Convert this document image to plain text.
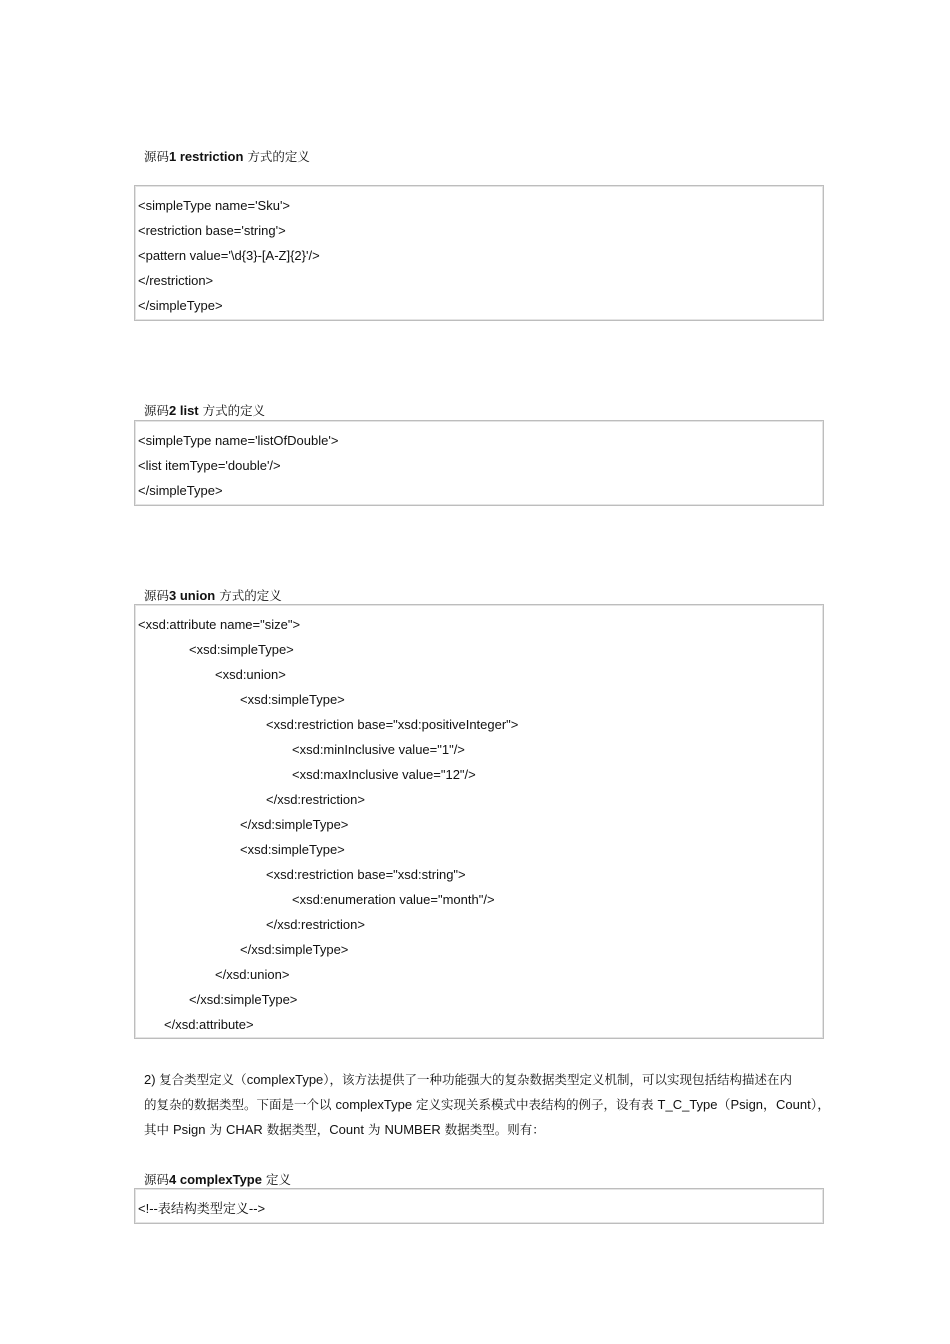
源码1 restriction 方式的定义
<simpleType name='Sku'>
<restriction base='string'>
<pattern value='\d{3}-[A-Z]{2}'/>
</restriction>
</simpleType>
源码2 list 方式的定义
<simpleType name='listOfDouble'>
<list itemType='double'/>
</simpleType>
源码3 union 方式的定义
<xsd:attribute name="size">
<xsd:simpleType>
<xsd:union>
<xsd:simpleType>
<xsd:restriction base="xsd:positiveInteger">
<xsd:minInclusive value="1"/>
<xsd:maxInclusive value="12"/>
</xsd:restriction>
</xsd:simpleType>
<xsd:simpleType>
<xsd:restriction base="xsd:string">
<xsd:enumeration value="month"/>
</xsd:restriction>
</xsd:simpleType>
</xsd:union>
</xsd:simpleType>
</xsd:attribute>
2) 复合类型定义（complexType），该方法提供了一种功能强大的复杂数据类型定义机制，可以实现包括结构描述在内
的复杂的数据类型。下面是一个以 complexType 定义实现关系模式中表结构的例子，设有表 T_C_Type（Psign，Count），
其中 Psign 为 CHAR 数据类型，Count 为 NUMBER 数据类型。则有：
源码4 complexType 定义
<!--表结构类型定义-->
